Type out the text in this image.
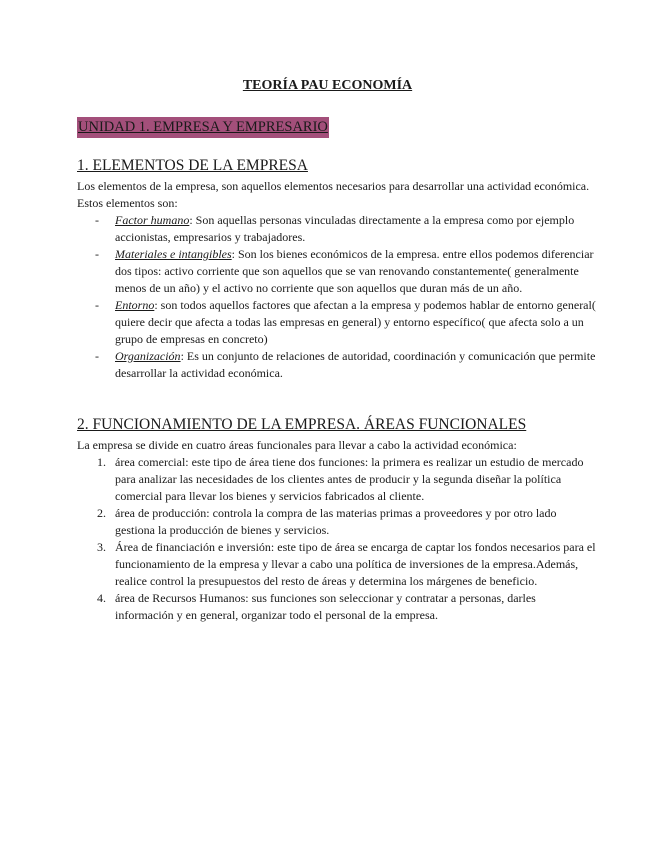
TEORÍA PAU ECONOMÍA
UNIDAD 1. EMPRESA Y EMPRESARIO
1. ELEMENTOS DE LA EMPRESA

Los elementos de la empresa, son aquellos elementos necesarios para desarrollar una actividad económica. Estos elementos son:

- Factor humano: Son aquellas personas vinculadas directamente a la empresa como por ejemplo accionistas, empresarios y trabajadores.
- Materiales e intangibles: Son los bienes económicos de la empresa. entre ellos podemos diferenciar dos tipos: activo corriente que son aquellos que se van renovando constantemente( generalmente menos de un año) y el activo no corriente que son aquellos que duran más de un año.
- Entorno: son todos aquellos factores que afectan a la empresa y podemos hablar de entorno general( quiere decir que afecta a todas las empresas en general) y entorno específico( que afecta solo a un grupo de empresas en concreto)
- Organización: Es un conjunto de relaciones de autoridad, coordinación y comunicación que permite desarrollar la actividad económica.
2. FUNCIONAMIENTO DE LA EMPRESA. ÁREAS FUNCIONALES

La empresa se divide en cuatro áreas funcionales para llevar a cabo la actividad económica:

1. área comercial: este tipo de área tiene dos funciones: la primera es realizar un estudio de mercado para analizar las necesidades de los clientes antes de producir y la segunda diseñar la política comercial para llevar los bienes y servicios fabricados al cliente.
2. área de producción: controla la compra de las materias primas a proveedores y por otro lado gestiona la producción de bienes y servicios.
3. Área de financiación e inversión: este tipo de área se encarga de captar los fondos necesarios para el funcionamiento de la empresa y llevar a cabo una política de inversiones de la empresa.Además, realice control la presupuestos del resto de áreas y determina los márgenes de beneficio.
4. área de Recursos Humanos: sus funciones son seleccionar y contratar a personas, darles información y en general, organizar todo el personal de la empresa.
